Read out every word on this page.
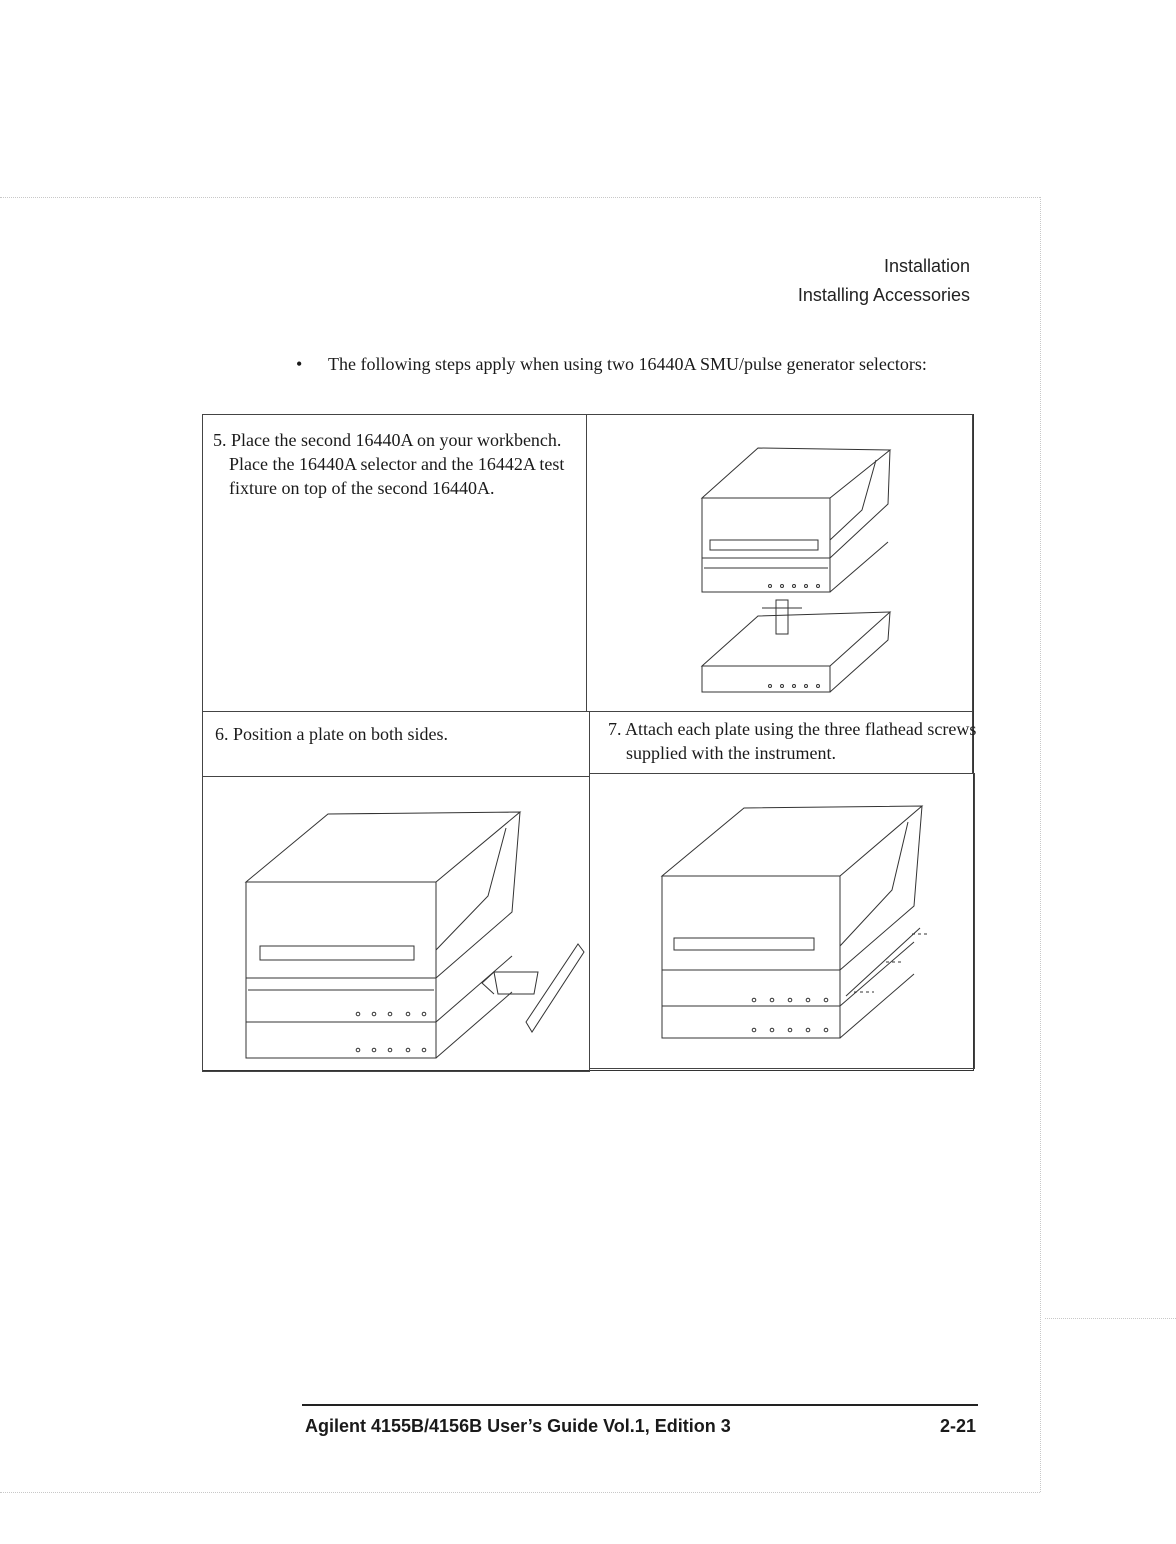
Installation
Installing Accessories
• The following steps apply when using two 16440A SMU/pulse generator selectors:
5. Place the second 16440A on your workbench. Place the 16440A selector and the 16442A test fixture on top of the second 16440A.
6. Position a plate on both sides.	7. Attach each plate using the three flathead screws supplied with the instrument.
Agilent 4155B/4156B User’s Guide Vol.1, Edition 3	2-21
